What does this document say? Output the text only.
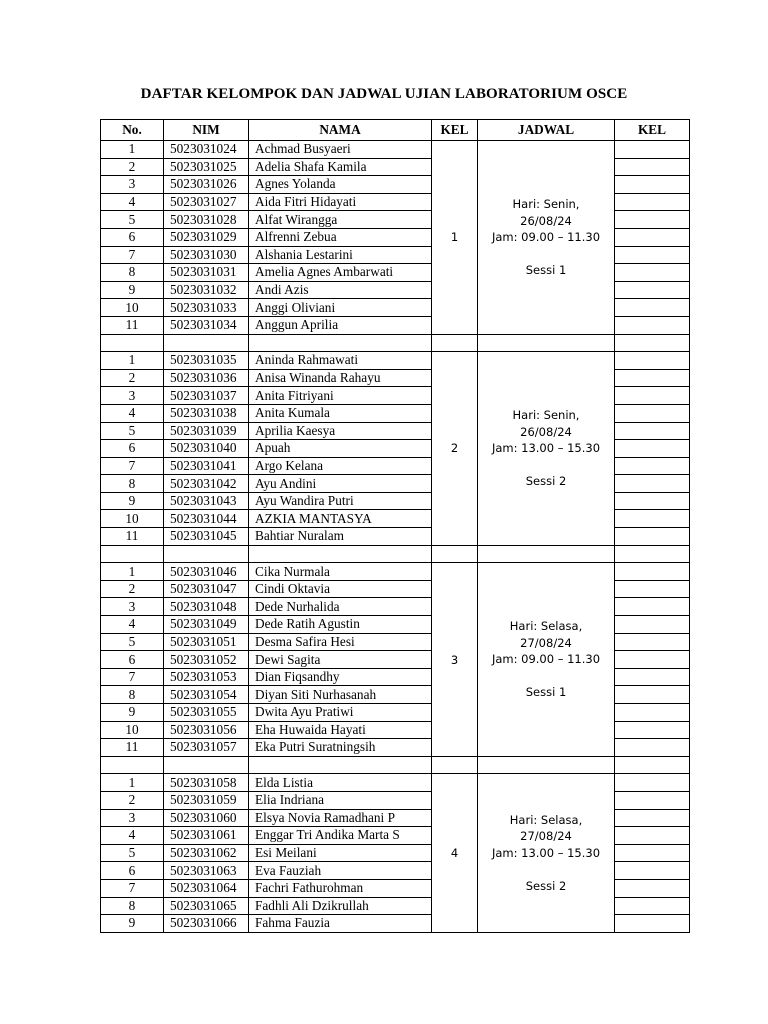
DAFTAR KELOMPOK DAN JADWAL UJIAN LABORATORIUM OSCE
No.	NIM	NAMA	KEL	JADWAL	KEL
1	5023031024	Achmad Busyaeri	1	Hari: Senin,
26/08/24
Jam: 09.00 – 11.30
Sessi 1	

2	5023031025	Adelia Shafa Kamila			
3	5023031026	Agnes Yolanda			
4	5023031027	Aida Fitri Hidayati			
5	5023031028	Alfat Wirangga			
6	5023031029	Alfrenni Zebua			
7	5023031030	Alshania Lestarini			
8	5023031031	Amelia Agnes Ambarwati			
9	5023031032	Andi Azis			
10	5023031033	Anggi Oliviani			
11	5023031034	Anggun Aprilia			

1	5023031035	Aninda Rahmawati	2	Hari: Senin,
26/08/24
Jam: 13.00 – 15.30
Sessi 2	

2	5023031036	Anisa Winanda Rahayu			
3	5023031037	Anita Fitriyani			
4	5023031038	Anita Kumala			
5	5023031039	Aprilia Kaesya			
6	5023031040	Apuah			
7	5023031041	Argo Kelana			
8	5023031042	Ayu Andini			
9	5023031043	Ayu Wandira Putri			
10	5023031044	AZKIA MANTASYA			
11	5023031045	Bahtiar Nuralam			

1	5023031046	Cika Nurmala	3	Hari: Selasa,
27/08/24
Jam: 09.00 – 11.30
Sessi 1	

2	5023031047	Cindi Oktavia			
3	5023031048	Dede Nurhalida			
4	5023031049	Dede Ratih Agustin			
5	5023031051	Desma Safira Hesi			
6	5023031052	Dewi Sagita			
7	5023031053	Dian Fiqsandhy			
8	5023031054	Diyan Siti Nurhasanah			
9	5023031055	Dwita Ayu Pratiwi			
10	5023031056	Eha Huwaida Hayati			
11	5023031057	Eka Putri Suratningsih			

1	5023031058	Elda Listia	4	Hari: Selasa,
27/08/24
Jam: 13.00 – 15.30
Sessi 2	

2	5023031059	Elia Indriana			
3	5023031060	Elsya Novia Ramadhani P			
4	5023031061	Enggar Tri Andika Marta S			
5	5023031062	Esi Meilani			
6	5023031063	Eva Fauziah			
7	5023031064	Fachri Fathurohman			
8	5023031065	Fadhli Ali Dzikrullah			
9	5023031066	Fahma Fauzia			
